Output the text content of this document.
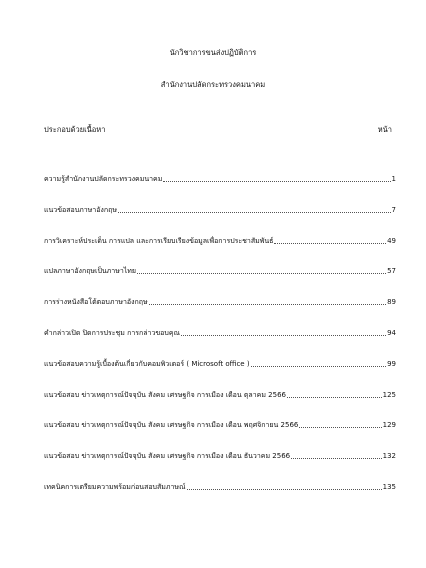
นักวิชาการขนส่งปฏิบัติการ
สำนักงานปลัดกระทรวงคมนาคม
ประกอบด้วยเนื้อหา	หน้า
ความรู้สำนักงานปลัดกระทรวงคมนาคม	1
แนวข้อสอบภาษาอังกฤษ	7
การวิเคราะห์ประเด็น การแปล และการเรียบเรียงข้อมูลเพื่อการประชาสัมพันธ์	49
แปลภาษาอังกฤษเป็นภาษาไทย	57
การร่างหนังสือโต้ตอบภาษาอังกฤษ	89
คำกล่าวเปิด ปิดการประชุม การกล่าวขอบคุณ	94
แนวข้อสอบความรู้เบื้องต้นเกี่ยวกับคอมพิวเตอร์ ( Microsoft office )	99
แนวข้อสอบ ข่าวเหตุการณ์ปัจจุบัน สังคม เศรษฐกิจ การเมือง เดือน ตุลาคม 2566	125
แนวข้อสอบ ข่าวเหตุการณ์ปัจจุบัน สังคม เศรษฐกิจ การเมือง เดือน พฤศจิกายน 2566	129
แนวข้อสอบ ข่าวเหตุการณ์ปัจจุบัน สังคม เศรษฐกิจ การเมือง เดือน ธันวาคม 2566	132
เทคนิคการเตรียมความพร้อมก่อนสอบสัมภาษณ์	135
